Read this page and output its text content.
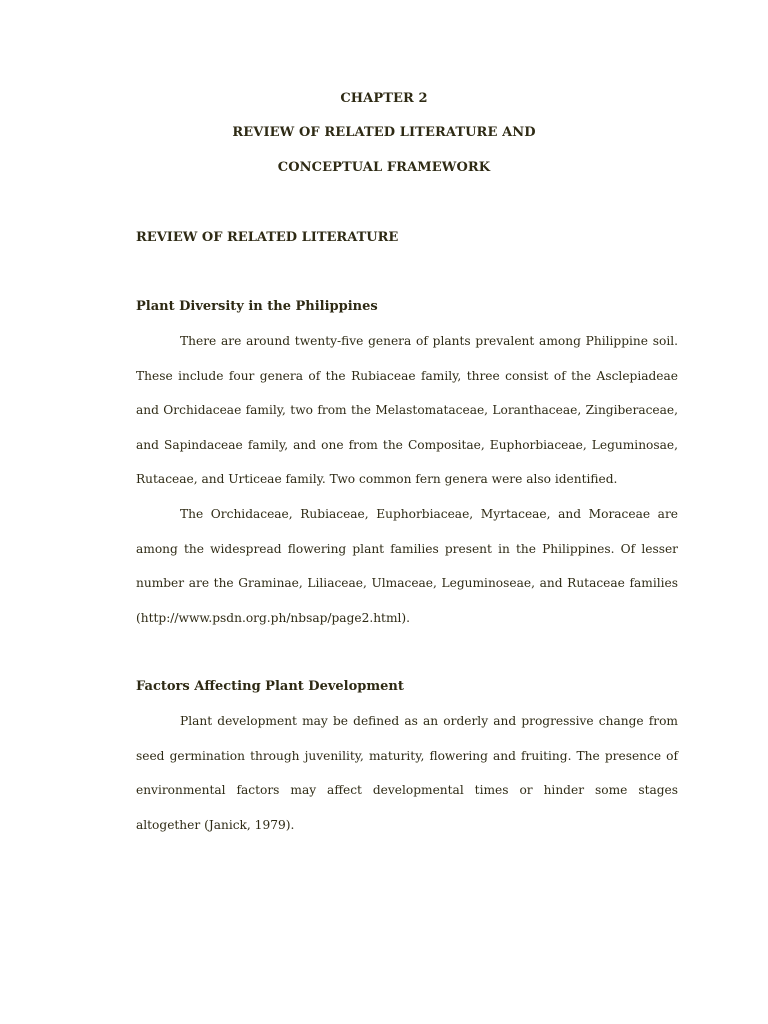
CHAPTER 2

REVIEW OF RELATED LITERATURE AND

CONCEPTUAL FRAMEWORK

REVIEW OF RELATED LITERATURE

Plant Diversity in the Philippines

There are around twenty-five genera of plants prevalent among Philippine soil. These include four genera of the Rubiaceae family, three consist of the Asclepiadeae and Orchidaceae family, two from the Melastomataceae, Loranthaceae, Zingiberaceae, and Sapindaceae family, and one from the Compositae, Euphorbiaceae, Leguminosae, Rutaceae, and Urticeae family. Two common fern genera were also identified.

The Orchidaceae, Rubiaceae, Euphorbiaceae, Myrtaceae, and Moraceae are among the widespread flowering plant families present in the Philippines. Of lesser number are the Graminae, Liliaceae, Ulmaceae, Leguminoseae, and Rutaceae families (http://www.psdn.org.ph/nbsap/page2.html).

Factors Affecting Plant Development

Plant development may be defined as an orderly and progressive change from seed germination through juvenility, maturity, flowering and fruiting. The presence of environmental factors may affect developmental times or hinder some stages altogether (Janick, 1979).
